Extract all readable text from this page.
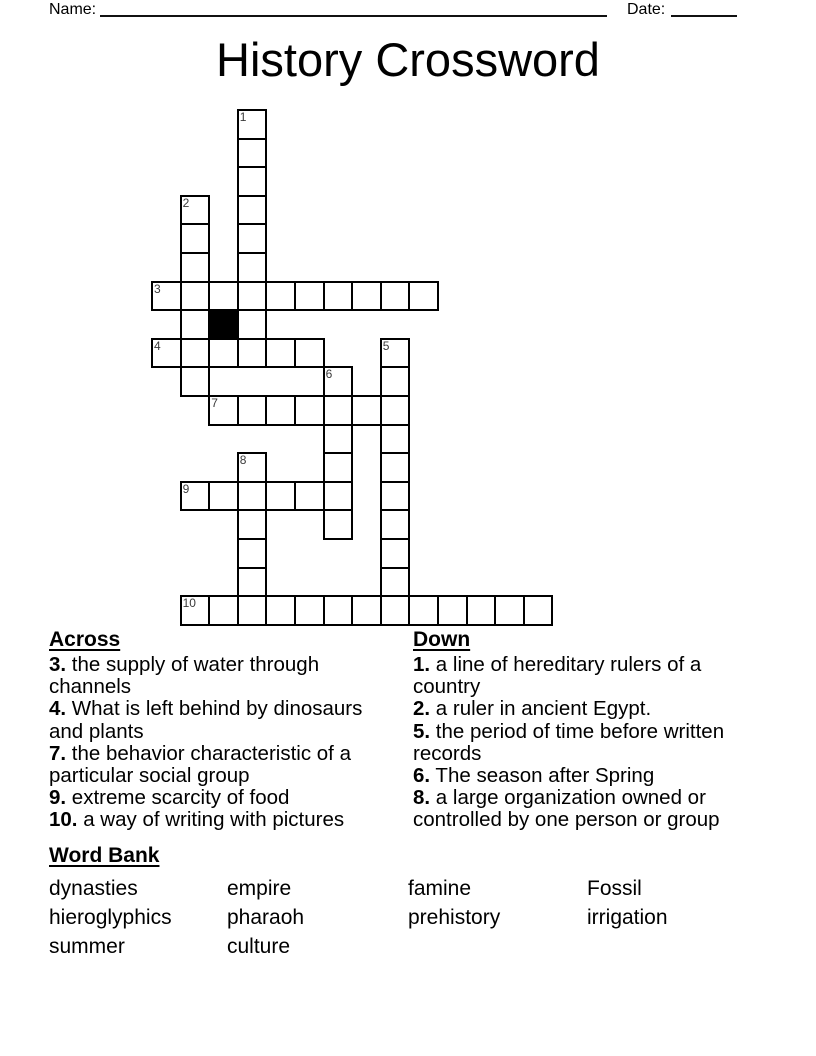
Name:	Date:
History Crossword
1
2
3
4	5
6
7
8
9
10
Across
3. the supply of water through channels
4. What is left behind by dinosaurs and plants
7. the behavior characteristic of a particular social group
9. extreme scarcity of food
10. a way of writing with pictures
Down
1. a line of hereditary rulers of a country
2. a ruler in ancient Egypt.
5. the period of time before written records
6. The season after Spring
8. a large organization owned or controlled by one person or group
Word Bank
dynasties	empire	famine	Fossil
hieroglyphics	pharaoh	prehistory	irrigation
summer	culture
